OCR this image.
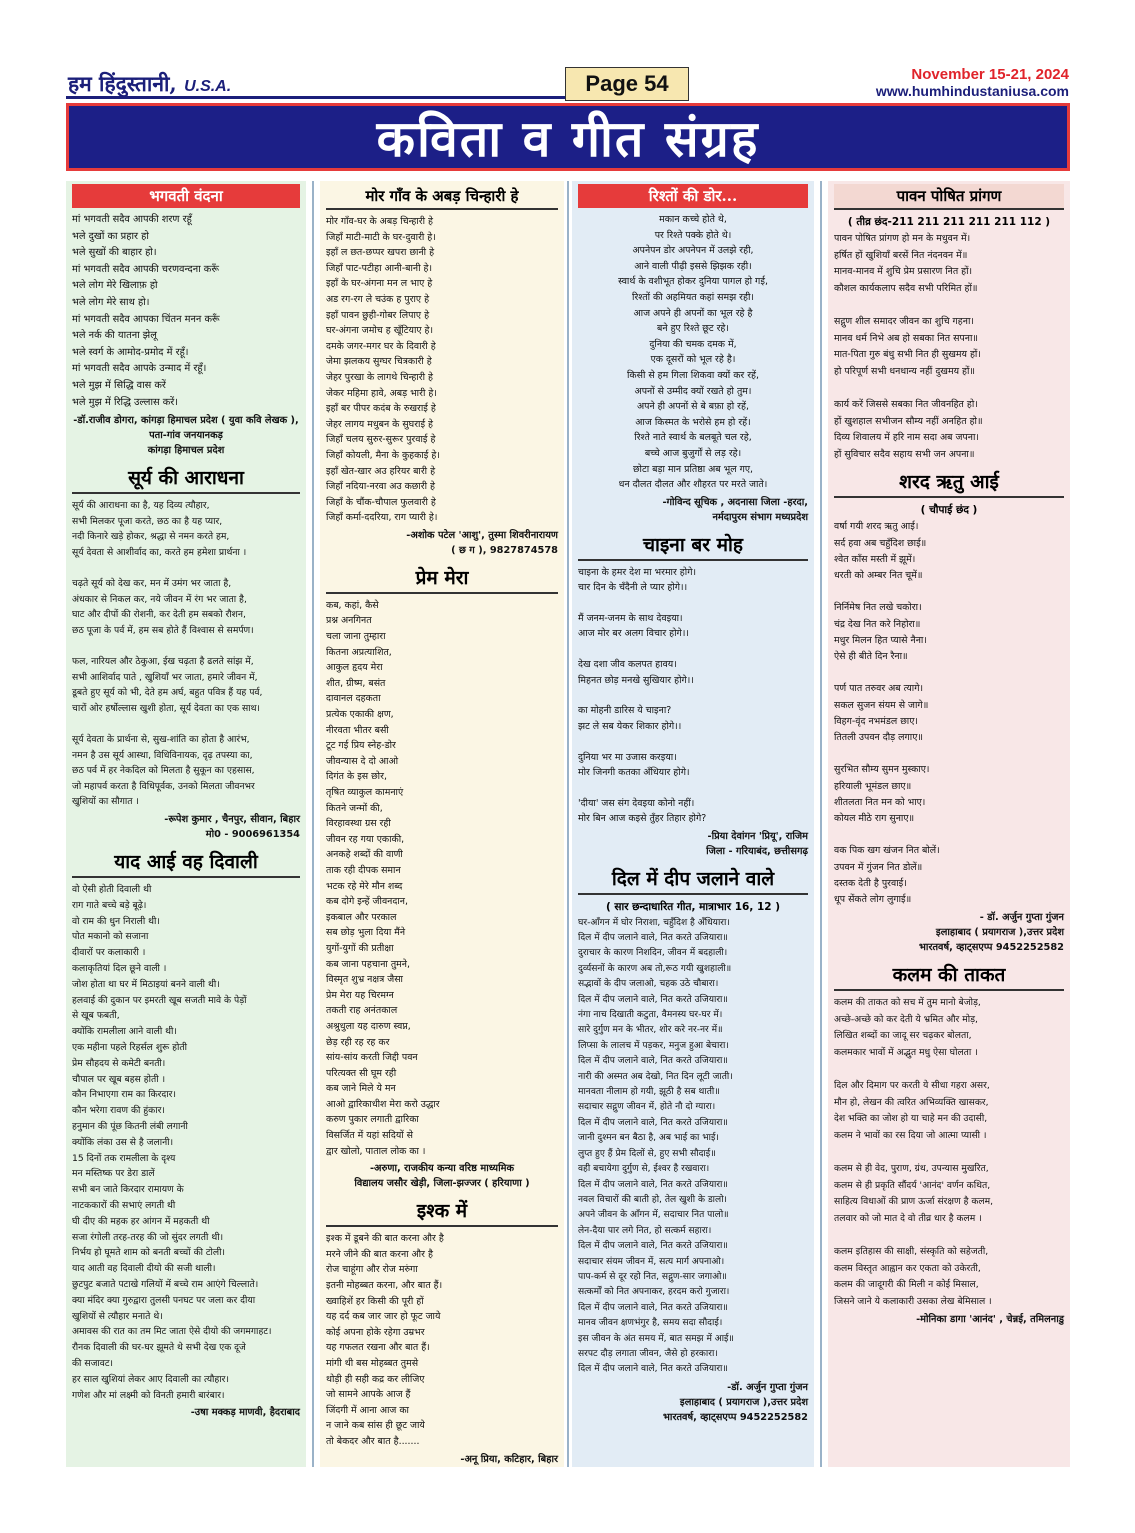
हम हिंदुस्तानी, U.S.A.	Page 54	November 15-21, 2024
www.humhindustaniusa.com
कविता व गीत संग्रह
भगवती वंदना
मां भगवती सदैव आपकी शरण रहूँ
भले दुखों का प्रहार हो
भले सुखों की बाहार हो।
मां भगवती सदैव आपकी चरणवन्दना करूँ
भले लोग मेरे खिलाफ़ हो
भले लोग मेरे साथ हो।
मां भगवती सदैव आपका चिंतन मनन करूँ
भले नर्क की यातना झेलू
भले स्वर्ग के आमोद-प्रमोद में रहूँ।
मां भगवती सदैव आपके उन्माद में रहूँ।
भले मुझ में सिद्धि वास करें
भले मुझ में रिद्धि उल्लास करें।
-डॉ.राजीव डोगरा, कांगड़ा हिमाचल प्रदेश ( युवा कवि लेखक ), पता-गांव जनयानकड़
कांगड़ा हिमाचल प्रदेश
सूर्य की आराधना
सूर्य की आराधना का है, यह दिव्य त्यौहार,
सभी मिलकर पूजा करते, छठ का है यह प्यार,
नदी किनारे खड़े होकर, श्रद्धा से नमन करते हम,
सूर्य देवता से आशीर्वाद का, करते हम हमेशा प्रार्थना ।

चढ़ते सूर्य को देख कर, मन में उमंग भर जाता है,
अंधकार से निकल कर, नये जीवन में रंग भर जाता है,
घाट और दीपों की रोशनी, कर देती हम सबको रौशन,
छठ पूजा के पर्व में, हम सब होते हैं विश्वास से समर्पण।

फल, नारियल और ठेकुआ, ईख चढ़ता है ढलते सांझ में,
सभी आशिर्वाद पाते , खुशियाँ भर जाता, हमारे जीवन में,
डूबते हुए सूर्य को भी, देते हम अर्घ, बहुत पवित्र हैं यह पर्व,
चारों ओर हर्षोल्लास खुशी होता, सूर्य देवता का एक साथ।

सूर्य देवता के प्रार्थना से, सुख-शांति का होता है आरंभ,
नमन है उस सूर्य आस्था, विधिविनायक, दृढ़ तपस्या का,
छठ पर्व में हर नेकदिल को मिलता है सुकून का एहसास,
जो महापर्व करता है विधिपूर्वक, उनको मिलता जीवनभर
खुशियों का सौगात ।
-रूपेश कुमार , चैनपुर, सीवान, बिहार
मो0 - 9006961354
याद आई वह दिवाली
वो ऐसी होती दिवाली थी
राग गाते बच्चे बड़े बूढ़े।
वो राम की धुन निराली थी।
पोत मकानो को सजाना
दीवारों पर कलाकारी ।
कलाकृतियां दिल छूने वाली ।
जोश होता था घर में मिठाइयां बनने वाली थी।
हलवाई की दुकान पर इमरती खूब सजती मावे के पेड़ों
से खूब फबती,
क्योंकि रामलीला आने वाली थी।
एक महीना पहले रिहर्सल शुरू होती
प्रेम सौहदय से कमेटी बनती।
चौपाल पर खूब बहस होती ।
कौन निभाएगा राम का किरदार।
कौन भरेगा रावण की हुंकार।
हनुमान की पूंछ कितनी लंबी लगानी
क्योंकि लंका उस से है जलानी।
15 दिनों तक रामलीला के दृश्य
मन मस्तिष्क पर डेरा डालें
सभी बन जाते किरदार रामायण के
नाटककारों की सभाएं लगती थी
घी दीए की महक हर आंगन में महकती थी
सजा रंगोली तरह-तरह की जो सुंदर लगती थी।
निर्भय हो घूमते शाम को बनती बच्चों की टोली।
याद आती वह दिवाली दीयो की सजी थाली।
छुटपुट बजाते पटाखे गलियों में बच्चे राम आएंगे चिल्लाते।
क्या मंदिर क्या गुरुद्वारा तुलसी पनघट पर जला कर दीया
खुशियों से त्यौहार मनाते थे।
अमावस की रात का तम मिट जाता ऐसे दीयो की जगमगाहट।
रौनक दिवाली की घर-घर झूमते थे सभी देख एक दूजे
की सजावट।
हर साल खुशियां लेकर आए दिवाली का त्यौहार।
गणेश और मां लक्ष्मी को विनती हमारी बारंबार।
-उषा मक्कड़ माणवी, हैदराबाद
मोर गाँव के अबड़ चिन्हारी हे
मोर गाँव-घर के अबड़ चिन्हारी हे
जिहाँ माटी-माटी के घर-दुवारी हे।
इहाँ ल छत-छप्पर खपरा छानी हे
जिहाँ पाट-पटीहा आनी-बानी हे।
इहाँ के घर-अंगना मन ल भाए हे
अड रग-रग ले चउंक ह पुराए हे
इहाँ पावन छुही-गोबर लिपाए हे
घर-अंगना जमोच ह खूँटियाए हे।
दमके जगर-मगर घर के दिवारी हे
जेमा झलकय सुग्घर चित्रकारी हे
जेहर पुरखा के लागथे चिन्हारी हे
जेकर महिमा हावे, अबड़ भारी हे।
इहाँ बर पीपर कदंब के रुखराई हे
जेहर लागय मधुबन के सुघराई हे
जिहाँ चलय सुरुर-सुरूर पुरवाई हे
जिहाँ कोयली, मैना के कुहकाई हे।
इहाँ खेत-खार अउ हरियर बारी हे
जिहाँ नदिया-नरवा अउ कछारी हे
जिहाँ के चौंक-चौपाल फुलवारी हे
जिहाँ कर्मा-ददरिया, राग प्यारी हे।
-अशोक पटेल 'आशु', तुस्मा शिवरीनारायण
( छ ग ), 9827874578
प्रेम मेरा
कब, कहां, कैसे
प्रश्न अनगिनत
चला जाना तुम्हारा
कितना अप्रत्याशित,
आकुल हृदय मेरा
शीत, ग्रीष्म, बसंत
दावानल दहकता
प्रत्येक एकाकी क्षण,
नीरवता भीतर बसी
टूट गई प्रिय स्नेह-डोर
जीवन्यास दे दो आओ
दिगंत के इस छोर,
तृषित व्याकुल कामनाएं
कितने जन्मों की,
विरहावस्था ग्रस रही
जीवन रह गया एकाकी,
अनकहे शब्दों की वाणी
ताक रही दीपक समान
भटक रहे मेरे मौन शब्द
कब दोगे इन्हें जीवनदान,
इकबाल और परकाल
सब छोड़ भुला दिया मैंने
युगों-युगों की प्रतीक्षा
कब जाना पहचाना तुमने,
विस्मृत शुभ्र नक्षत्र जैसा
प्रेम मेरा यह चिरमग्न
तकती राह अनंतकाल
अश्रुधुला यह दारुण स्वप्न,
छेड़ रही रह रह कर
सांय-सांय करती जिद्दी पवन
परित्यक्त सी घूम रही
कब जाने मिले ये मन
आओ द्वारिकाधीश मेरा करो उद्धार
करुण पुकार लगाती द्वारिका
विसर्जित में यहां सदियों से
द्वार खोलो, पाताल लोक का ।
-अरुणा, राजकीय कन्या वरिष्ठ माध्यमिक
विद्यालय जसौर खेड़ी, जिला-झज्जर ( हरियाणा )
इश्क में
इश्क में डूबने की बात करना और है
मरने जीने की बात करना और है
रोज चाहूंगा और रोज मरुंगा
इतनी मोहब्बत करना, और बात हैं।
ख्वाहिशें हर किसी की पूरी हों
यह दर्द कब जार जार हो फूट जाये
कोई अपना होके रहेगा उम्रभर
यह गफलत रखना और बात हैं।
मांगी थी बस मोहब्बत तुमसे
थोड़ी ही सही कद्र कर लीजिए
जो सामने आपके आज हैं
जिंदगी में आना आज का
न जाने कब सांस ही छूट जाये
तो बेकदर और बात है.......
-अनू प्रिया, कटिहार, बिहार
रिश्तों की डोर...
मकान कच्चे होते थे,
पर रिश्ते पक्के होते थे।
अपनेपन डोर अपनेपन में उलझे रही,
आने वाली पीढ़ी इससे झिझक रही।
स्वार्थ के वशीभूत होकर दुनिया पागल हो गई,
रिश्तों की अहमियत कहां समझ रही।
आज अपने ही अपनों का भूल रहे है
बने हुए रिश्ते छूट रहे।
दुनिया की चमक दमक में,
एक दूसरों को भूल रहे है।
किसी से हम गिला शिकवा क्यों कर रहें,
अपनों से उम्मीद क्यों रखते हो तुम।
अपने ही अपनों से बे बफ़ा हो रहें,
आज किस्मत के भरोसे हम हो रहें।
रिश्ते नाते स्वार्थ के बलबूते चल रहे,
बच्चे आज बुजुर्गों से लड़ रहे।
छोटा बड़ा मान प्रतिष्ठा अब भूल गए,
धन दौलत दौलत और शौहरत पर मरते जाते।
-गोविन्द सूचिक , अदनासा जिला -हरदा,
नर्मदापुरम संभाग मध्यप्रदेश
चाइना बर मोह
चाइना के हमर देश मा भरमार होगे।
चार दिन के चँदैनी ले प्यार होगे।।

मैं जनम-जनम के साथ देवइया।
आज मोर बर अलग विचार होगे।।

देख दशा जीव कलपत हावय।
मिहनत छोड़ मनखे सुखियार होगे।।

का मोहनी डारिस ये चाइना?
झट ले सब येकर शिकार होगे।।

दुनिया भर मा उजास करइया।
मोर जिनगी कतका अँधियार होगे।

'दीया' जस संग देवइया कोनो नहीं।
मोर बिन आज कइसे तुँहर तिहार होगे?
-प्रिया देवांगन 'प्रियू', राजिम
जिला - गरियाबंद, छत्तीसगढ़
दिल में दीप जलाने वाले
( सार छन्दाधारित गीत, मात्राभार 16, 12 )
घर-आँगन में घोर निराशा, चहुँदिश है अँधियारा।
दिल में दीप जलाने वाले, नित करते उजियारा॥
दुराचार के कारण निशदिन, जीवन में बदहाली।
दुर्व्यसनों के कारण अब तो,रूठ गयी खुशहाली॥
सद्भावों के दीप जलाओ, चहक उठे चौबारा।
दिल में दीप जलाने वाले, नित करते उजियारा॥
नंगा नाच दिखाती कटुता, वैमनस्य घर-घर में।
सारे दुर्गुण मन के भीतर, शोर करे नर-नर में॥
लिप्सा के लालच में पड़कर, मनुज हुआ बेचारा।
दिल में दीप जलाने वाले, नित करते उजियारा॥
नारी की अस्मत अब देखो, नित दिन लूटी जाती।
मानवता नीलाम हो गयी, झूठी है सब थाती॥
सदाचार सद्गुण जीवन में, होते नौ दो ग्यारा।
दिल में दीप जलाने वाले, नित करते उजियारा॥
जानी दुश्मन बन बैठा है, अब भाई का भाई।
लुप्त हुए हैं प्रेम दिलों से, हुए सभी सौदाई॥
वही बचायेगा दुर्गुण से, ईश्वर है रखवारा।
दिल में दीप जलाने वाले, नित करते उजियारा॥
नवल विचारों की बाती हो, तेल खुशी के डालो।
अपने जीवन के आँगन में, सदाचार नित पालो॥
लेन-दैया पार लगे नित, हो सत्कर्म सहारा।
दिल में दीप जलाने वाले, नित करते उजियारा॥
सदाचार संयम जीवन में, सत्य मार्ग अपनाओ।
पाप-कर्म से दूर रहो नित, सद्गुण-सार जगाओ॥
सत्कर्मों को नित अपनाकर, हरदम करो गुजारा।
दिल में दीप जलाने वाले, नित करते उजियारा॥
मानव जीवन क्षणभंगुर है, समय सदा सौदाई।
इस जीवन के अंत समय में, बात समझ में आई॥
सरपट दौड़ लगाता जीवन, जैसे हो हरकारा।
दिल में दीप जलाने वाले, नित करते उजियारा॥
-डॉ. अर्जुन गुप्ता गुंजन
इलाहाबाद ( प्रयागराज ),उत्तर प्रदेश
भारतवर्ष, व्हाट्सएप्प 9452252582
पावन पोषित प्रांगण
( तीव्र छंद-211 211 211 211 211 112 )
पावन पोषित प्रांगण हो मन के मधुवन में।
हर्षित हों खुशियाँ बरसें नित नंदनवन में॥
मानव-मानव में शुचि प्रेम प्रसारण नित हों।
कौशल कार्यकलाप सदैव सभी परिमित हों॥

सद्गुण शील समादर जीवन का शुचि गहना।
मानव धर्म निभे अब हो सबका नित सपना॥
मात-पिता गुरु बंधु सभी नित ही सुखमय हों।
हो परिपूर्ण सभी धनधान्य नहीं दुखमय हों॥

कार्य करें जिससे सबका नित जीवनहित हो।
हों खुशहाल सभीजन सौम्य नहीं अनहित हो॥
दिव्य शिवालय में हरि नाम सदा अब जपना।
हों सुविचार सदैव सहाय सभी जन अपना॥
शरद ऋतु आई
( चौपाई छंद )
वर्षा गयी शरद ऋतु आई।
सर्द हवा अब चहुँदिश छाई॥
श्वेत काँस मस्ती में झूमें।
धरती को अम्बर नित चूमें॥

निर्निमेष नित लखे चकोरा।
चंद्र देख नित करे निहोरा॥
मधुर मिलन हित प्यासे नैना।
ऐसे ही बीते दिन रैना॥

पर्ण पात तरुवर अब त्यागे।
सकल सुजन संयम से जागे॥
विहग-वृंद नभमंडल छाए।
तितली उपवन दौड़ लगाए॥

सुरभित सौम्य सुमन मुस्काए।
हरियाली भूमंडल छाए॥
शीतलता नित मन को भाए।
कोयल मीठे राग सुनाए॥

वक पिक खग खंजन नित बोलें।
उपवन में गुंजन नित डोलें॥
दस्तक देती है पुरवाई।
धूप सेंकते लोग लुगाई॥
- डॉ. अर्जुन गुप्ता गुंजन
इलाहाबाद ( प्रयागराज ),उत्तर प्रदेश
भारतवर्ष, व्हाट्सएप्प 9452252582
कलम की ताकत
कलम की ताकत को सच में तुम मानो बेजोड़,
अच्छे-अच्छे को कर देती ये भ्रमित और मोड़,
लिखित शब्दों का जादू सर चढ़कर बोलता,
कलमकार भावों में अद्भुत मधु ऐसा घोलता ।

दिल और दिमाग पर करती ये सीधा गहरा असर,
मौन हो, लेखन की त्वरित अभिव्यक्ति खासकर,
देश भक्ति का जोश हो या चाहे मन की उदासी,
कलम ने भावों का रस दिया जो आत्मा प्यासी ।

कलम से ही वेद, पुराण, ग्रंथ, उपन्यास मुखरित,
कलम से ही प्रकृति सौंदर्य 'आनंद' वर्णन कथित,
साहित्य विधाओं की प्राण ऊर्जा संरक्षण है कलम,
तलवार को जो मात दे वो तीव्र धार है कलम ।

कलम इतिहास की साक्षी, संस्कृति को सहेजती,
कलम विस्तृत आह्वान कर एकता को उकेरती,
कलम की जादूगरी की मिली न कोई मिसाल,
जिसने जाने ये कलाकारी उसका लेख बेमिसाल ।
-मोनिका डागा 'आनंद' , चेन्नई, तमिलनाडु
